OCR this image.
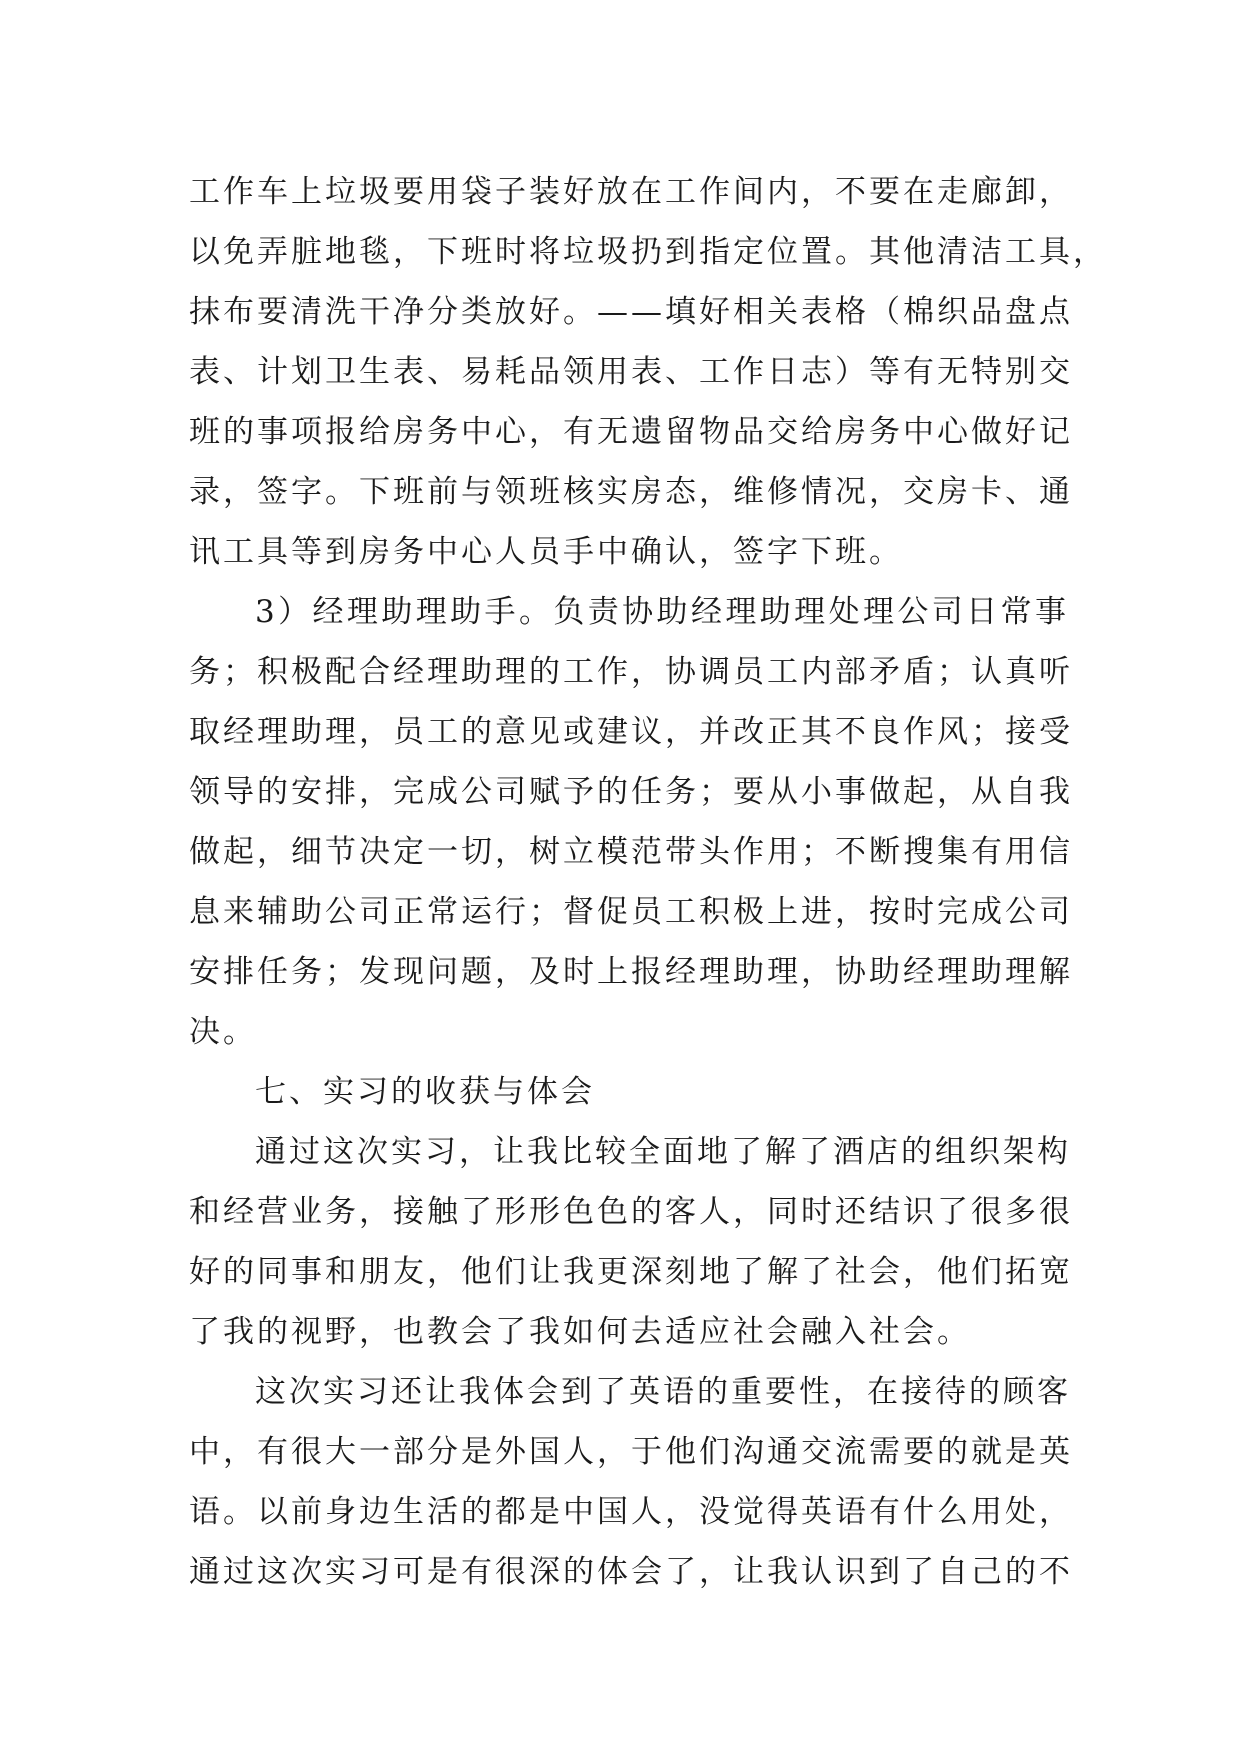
工作车上垃圾要用袋子装好放在工作间内，不要在走廊卸，
以免弄脏地毯，下班时将垃圾扔到指定位置。其他清洁工具，
抹布要清洗干净分类放好。——填好相关表格（棉织品盘点
表、计划卫生表、易耗品领用表、工作日志）等有无特别交
班的事项报给房务中心，有无遗留物品交给房务中心做好记
录，签字。下班前与领班核实房态，维修情况，交房卡、通
讯工具等到房务中心人员手中确认，签字下班。
3）经理助理助手。负责协助经理助理处理公司日常事
务；积极配合经理助理的工作，协调员工内部矛盾；认真听
取经理助理，员工的意见或建议，并改正其不良作风；接受
领导的安排，完成公司赋予的任务；要从小事做起，从自我
做起，细节决定一切，树立模范带头作用；不断搜集有用信
息来辅助公司正常运行；督促员工积极上进，按时完成公司
安排任务；发现问题，及时上报经理助理，协助经理助理解
决。
七、实习的收获与体会
通过这次实习，让我比较全面地了解了酒店的组织架构
和经营业务，接触了形形色色的客人，同时还结识了很多很
好的同事和朋友，他们让我更深刻地了解了社会，他们拓宽
了我的视野，也教会了我如何去适应社会融入社会。
这次实习还让我体会到了英语的重要性，在接待的顾客
中，有很大一部分是外国人，于他们沟通交流需要的就是英
语。以前身边生活的都是中国人，没觉得英语有什么用处，
通过这次实习可是有很深的体会了，让我认识到了自己的不
